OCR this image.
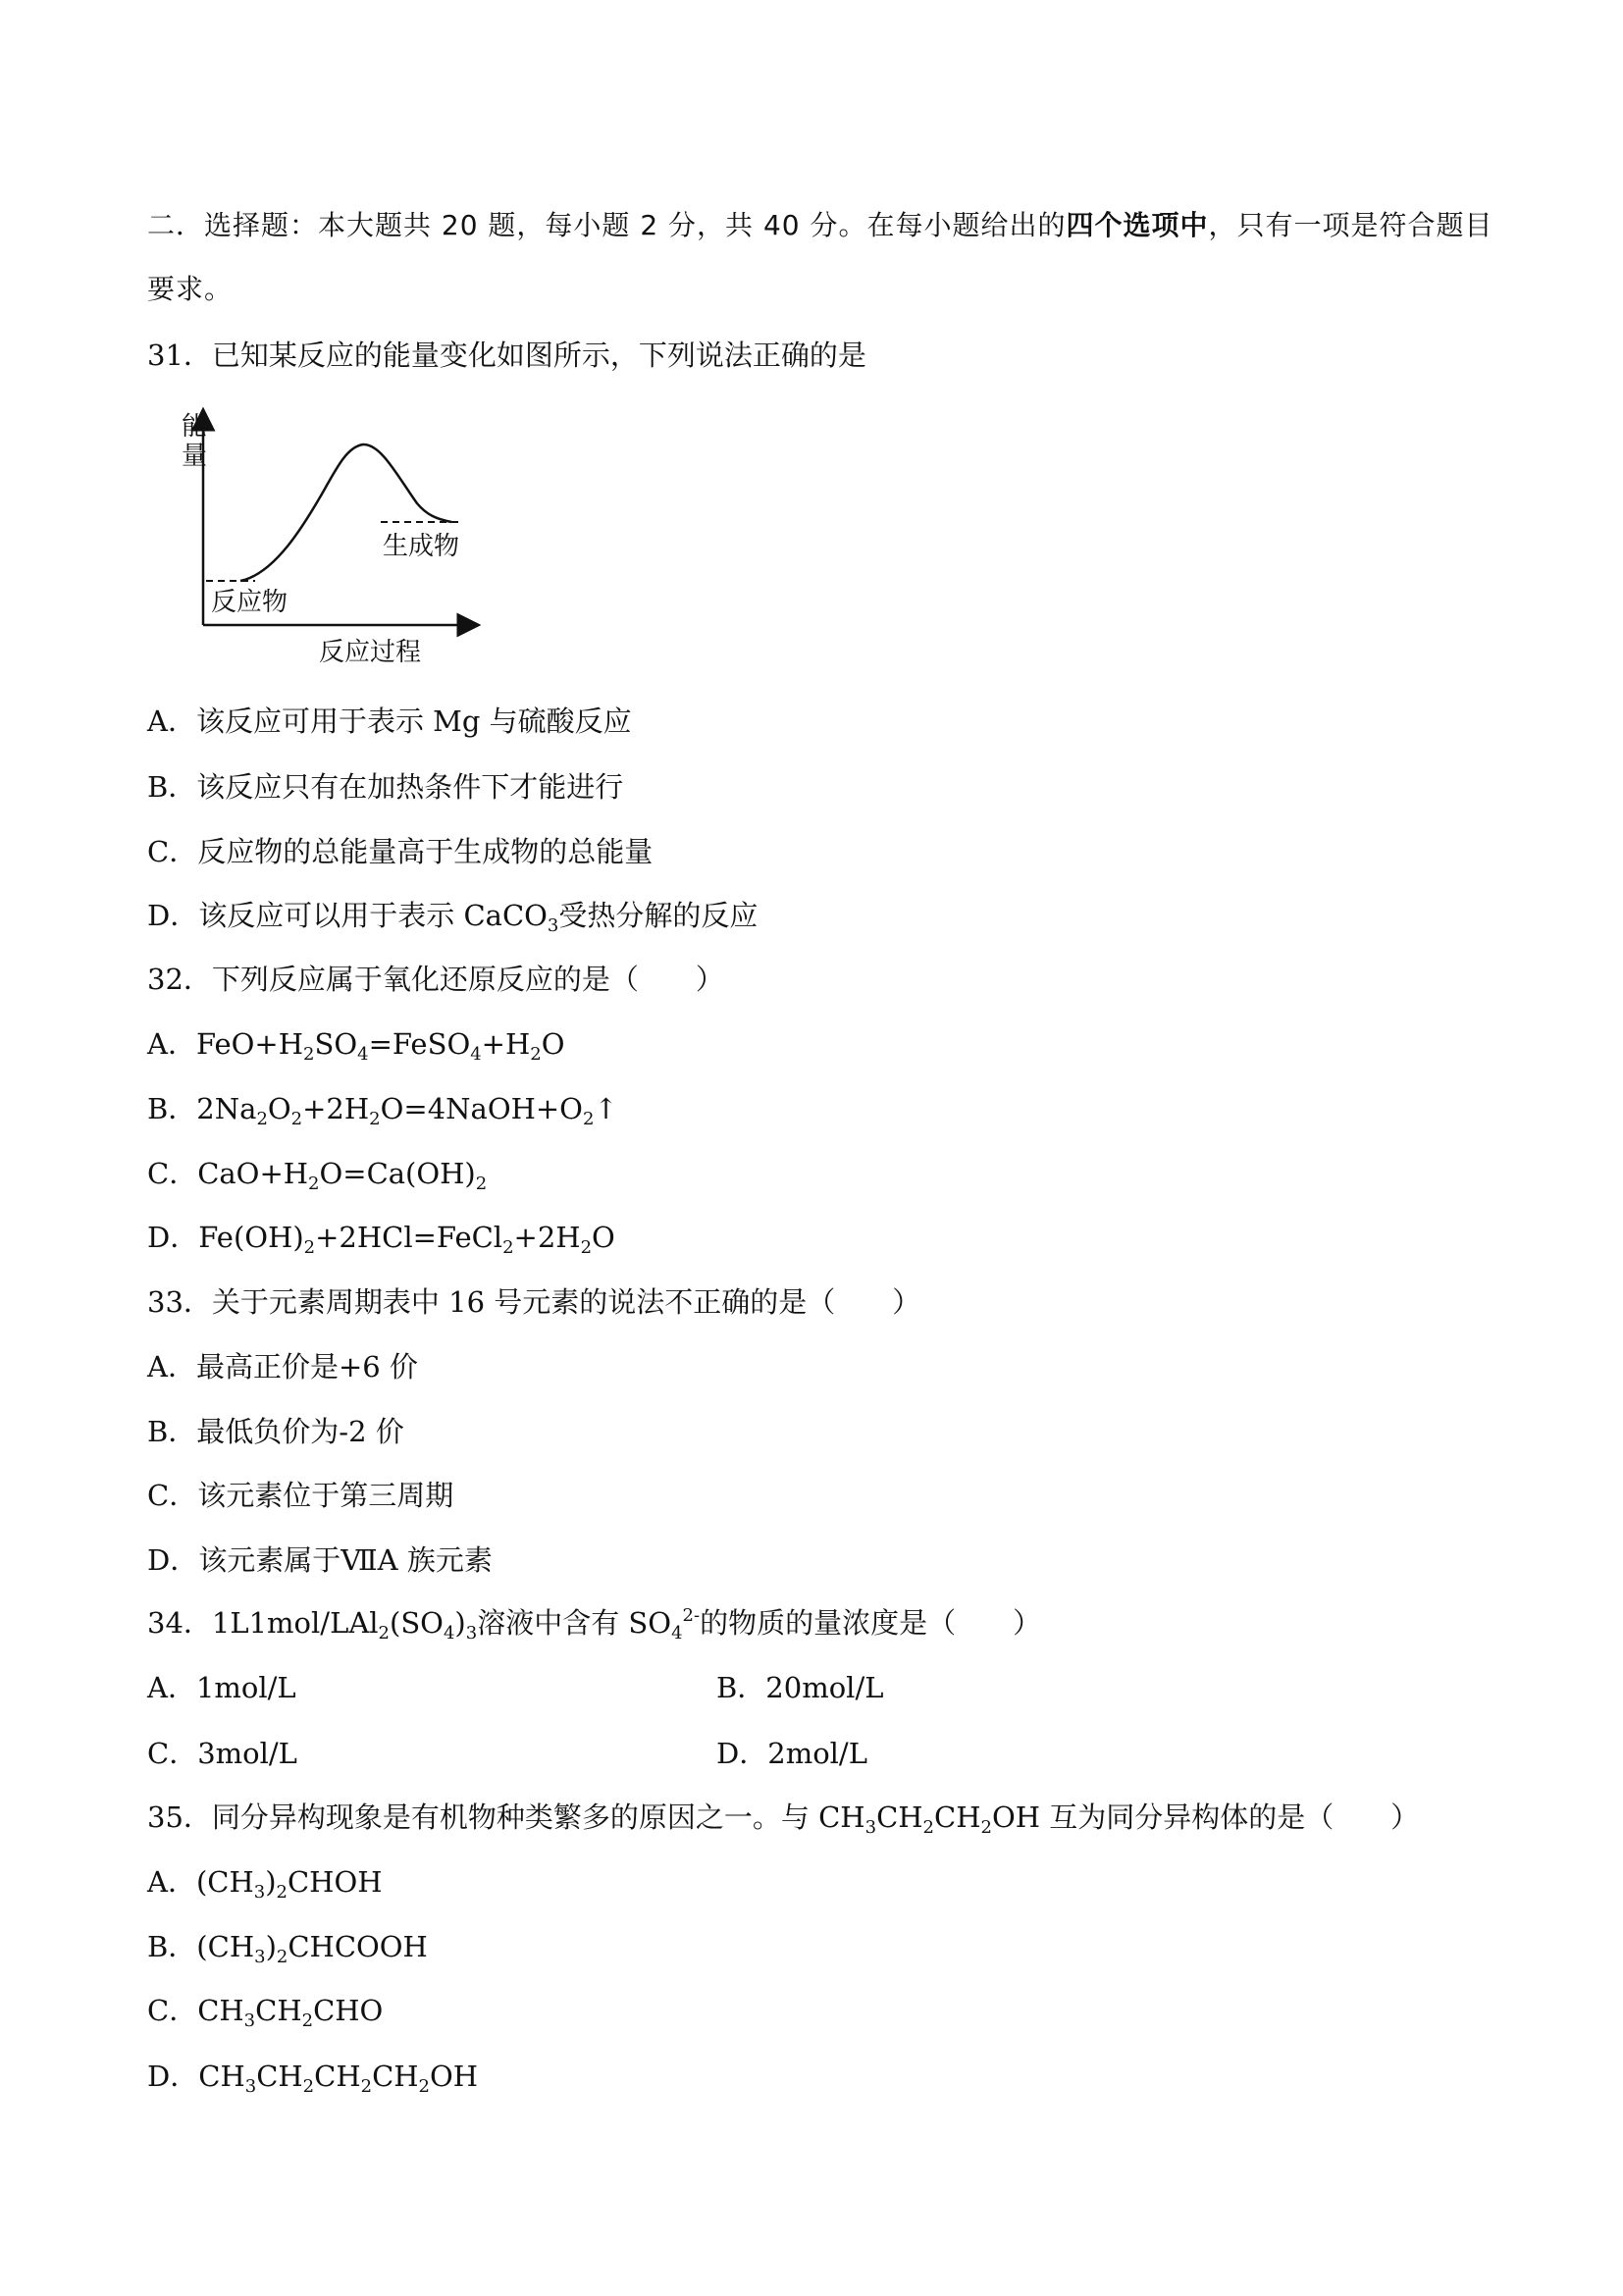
二．选择题：本大题共 20 题，每小题 2 分，共 40 分。在每小题给出的四个选项中，只有一项是符合题目
要求。
31．已知某反应的能量变化如图所示，下列说法正确的是
能
量
生成物
反应物
反应过程
A．该反应可用于表示 Mg 与硫酸反应
B．该反应只有在加热条件下才能进行
C．反应物的总能量高于生成物的总能量
D．该反应可以用于表示 CaCO$_3$受热分解的反应
32．下列反应属于氧化还原反应的是（　　）
A．$FeO+H_2SO_4=FeSO_4+H_2O$
B．$2Na_2O_2+2H_2O=4NaOH+O_2↑$
C．$CaO+H_2O=Ca(OH)_2$
D．$Fe(OH)_2+2HCl=FeCl_2+2H_2O$
33．关于元素周期表中 16 号元素的说法不正确的是（　　）
A．最高正价是+6 价
B．最低负价为-2 价
C．该元素位于第三周期
D．该元素属于ⅦA 族元素
34．$1L1mol/LAl_2(SO_4)_3$溶液中含有 $SO_4^{2-}$的物质的量浓度是（　　）
A．1mol/L	B．20mol/L
C．3mol/L	D．2mol/L
35．同分异构现象是有机物种类繁多的原因之一。与 $CH_3CH_2CH_2OH$ 互为同分异构体的是（　　）
A．$(CH_3)_2CHOH$
B．$(CH_3)_2CHCOOH$
C．$CH_3CH_2CHO$
D．$CH_3CH_2CH_2CH_2OH$
